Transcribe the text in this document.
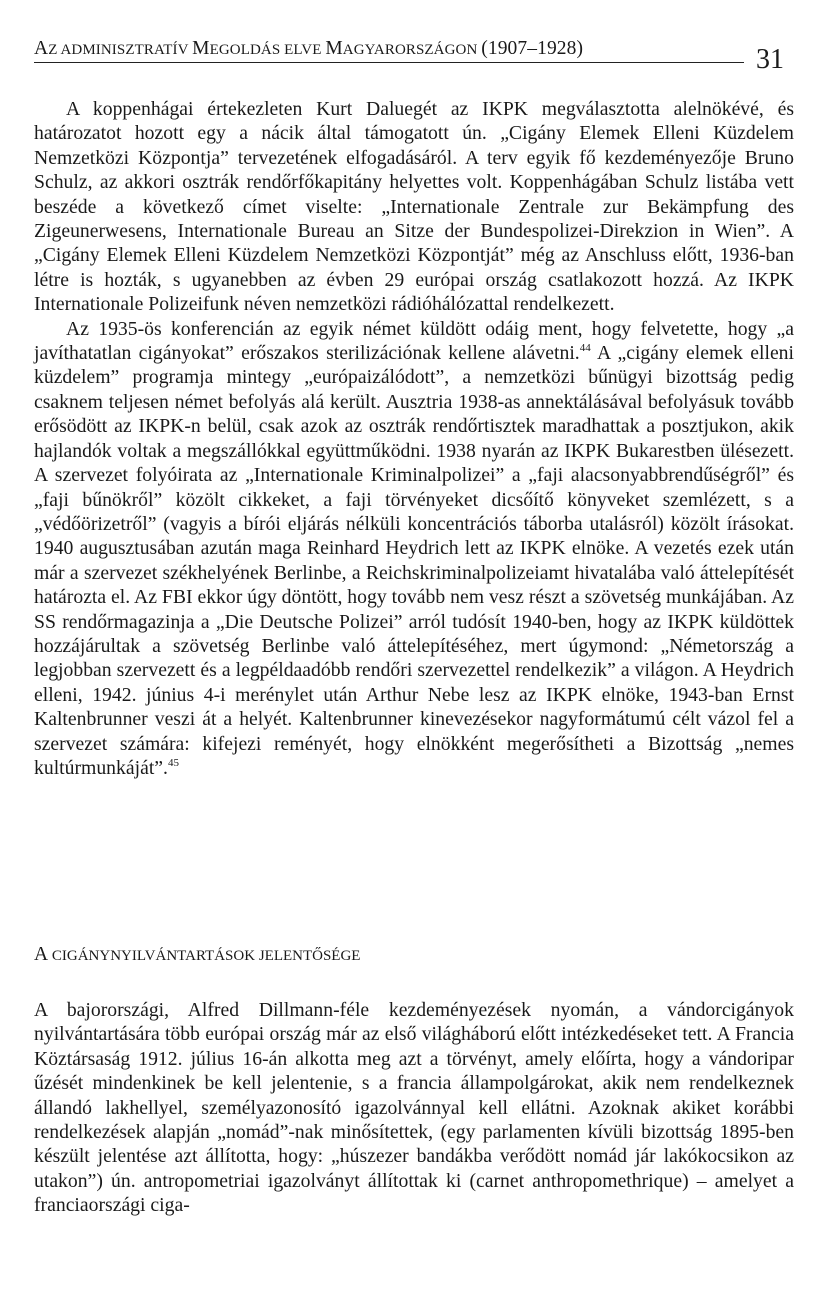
AZ ADMINISZTRATÍV MEGOLDÁS ELVE MAGYARORSZÁGON (1907–1928)	31

A koppenhágai értekezleten Kurt Daluegét az IKPK megválasztotta alelnökévé, és határozatot hozott egy a nácik által támogatott ún. „Cigány Elemek Elleni Küzdelem Nemzetközi Központja” tervezetének elfogadásáról. A terv egyik fő kezdeményezője Bruno Schulz, az akkori osztrák rendőrfőkapitány helyettes volt. Koppenhágában Schulz listába vett beszéde a következő címet viselte: „Internationale Zentrale zur Bekämpfung des Zigeunerwesens, Internationale Bureau an Sitze der Bundespolizei-Direkzion in Wien”. A „Cigány Elemek Elleni Küzdelem Nemzetközi Központját” még az Anschluss előtt, 1936-ban létre is hozták, s ugyanebben az évben 29 európai ország csatlakozott hozzá. Az IKPK Internationale Polizeifunk néven nemzetközi rádióhálózattal rendelkezett.

Az 1935-ös konferencián az egyik német küldött odáig ment, hogy felvetette, hogy „a javíthatatlan cigányokat” erőszakos sterilizációnak kellene alávetni.$^{44}$ A „cigány elemek elleni küzdelem” programja mintegy „európaizálódott”, a nemzetközi bűnügyi bizottság pedig csaknem teljesen német befolyás alá került. Ausztria 1938-as annektálásával befolyásuk tovább erősödött az IKPK-n belül, csak azok az osztrák rendőrtisztek maradhattak a posztjukon, akik hajlandók voltak a megszállókkal együttműködni. 1938 nyarán az IKPK Bukarestben ülésezett. A szervezet folyóirata az „Internationale Kriminalpolizei” a „faji alacsonyabbrendűségről” és „faji bűnökről” közölt cikkeket, a faji törvényeket dicsőítő könyveket szemlézett, s a „védőörizetről” (vagyis a bírói eljárás nélküli koncentrációs táborba utalásról) közölt írásokat. 1940 augusztusában azután maga Reinhard Heydrich lett az IKPK elnöke. A vezetés ezek után már a szervezet székhelyének Berlinbe, a Reichskriminalpolizeiamt hivatalába való áttelepítését határozta el. Az FBI ekkor úgy döntött, hogy tovább nem vesz részt a szövetség munkájában. Az SS rendőrmagazinja a „Die Deutsche Polizei” arról tudósít 1940-ben, hogy az IKPK küldöttek hozzájárultak a szövetség Berlinbe való áttelepítéséhez, mert úgymond: „Németország a legjobban szervezett és a legpéldaadóbb rendőri szervezettel rendelkezik” a világon. A Heydrich elleni, 1942. június 4-i merénylet után Arthur Nebe lesz az IKPK elnöke, 1943-ban Ernst Kaltenbrunner veszi át a helyét. Kaltenbrunner kinevezésekor nagyformátumú célt vázol fel a szervezet számára: kifejezi reményét, hogy elnökként megerősítheti a Bizottság „nemes kultúrmunkáját”.$^{45}$

A CIGÁNYNYILVÁNTARTÁSOK JELENTŐSÉGE

A bajorországi, Alfred Dillmann-féle kezdeményezések nyomán, a vándorcigányok nyilvántartására több európai ország már az első világháború előtt intézkedéseket tett. A Francia Köztársaság 1912. július 16-án alkotta meg azt a törvényt, amely előírta, hogy a vándoripar űzését mindenkinek be kell jelentenie, s a francia állampolgárokat, akik nem rendelkeznek állandó lakhellyel, személyazonosító igazolvánnyal kell ellátni. Azoknak akiket korábbi rendelkezések alapján „nomád”-nak minősítettek, (egy parlamenten kívüli bizottság 1895-ben készült jelentése azt állította, hogy: „húszezer bandákba verődött nomád jár lakókocsikon az utakon”) ún. antropometriai igazolványt állítottak ki (carnet anthropomethrique) – amelyet a franciaországi ciga-
